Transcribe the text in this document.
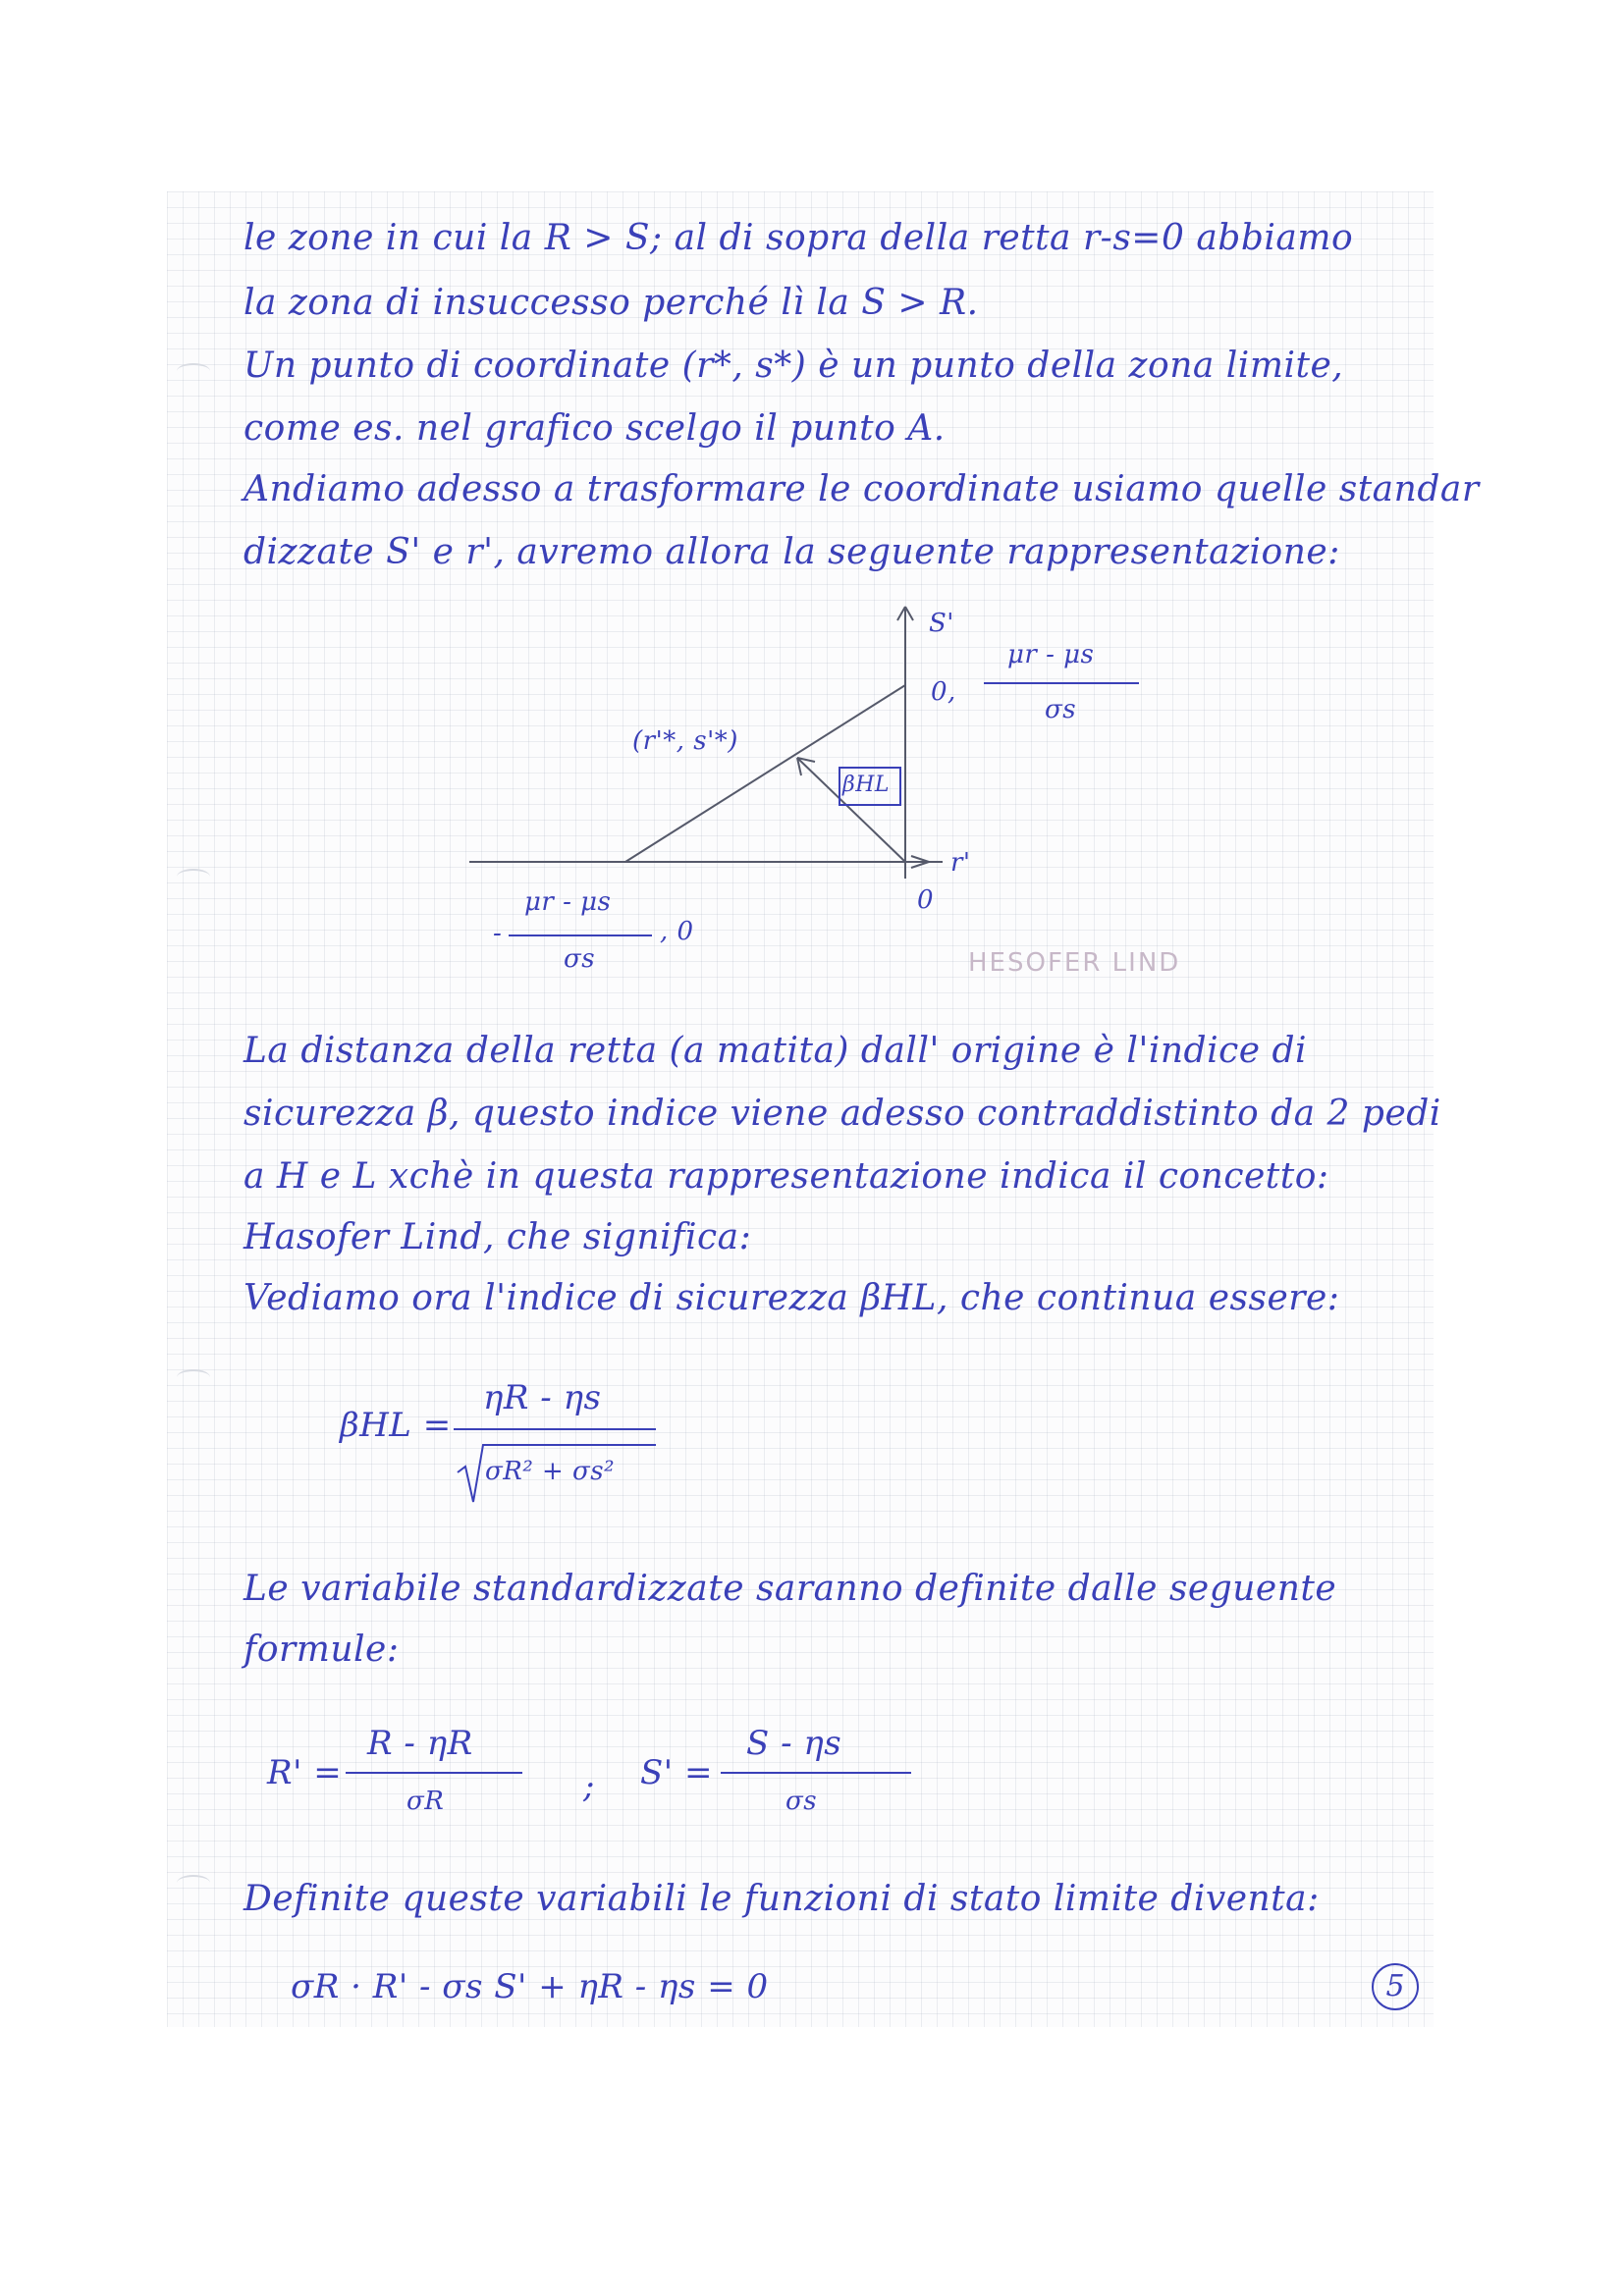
le zone in cui la R > S; al di sopra della retta r-s=0 abbiamo
la zona di insuccesso perché lì la S > R.
Un punto di coordinate (r*, s*) è un punto della zona limite,
come es. nel grafico scelgo il punto A.
Andiamo adesso a trasformare le coordinate usiamo quelle standar
dizzate S' e r', avremo allora la seguente rappresentazione:
S'
r'
0,
μr - μs
σs
(r'*, s'*)
βHL
0
-
μr - μs
σs
, 0
HESOFER LIND
La distanza della retta (a matita) dall' origine è l'indice di
sicurezza β, questo indice viene adesso contraddistinto da 2 pedi
a H e L xchè in questa rappresentazione indica il concetto:
Hasofer Lind, che significa:
Vediamo ora l'indice di sicurezza βHL, che continua essere:
βHL =
ηR - ηs
σR² + σs²
Le variabile standardizzate saranno definite dalle seguente
formule:
R' =
R - ηR
σR	; S' =
S - ηs
σs
Definite queste variabili le funzioni di stato limite diventa:
σR · R' - σs S' + ηR - ηs = 0	5
